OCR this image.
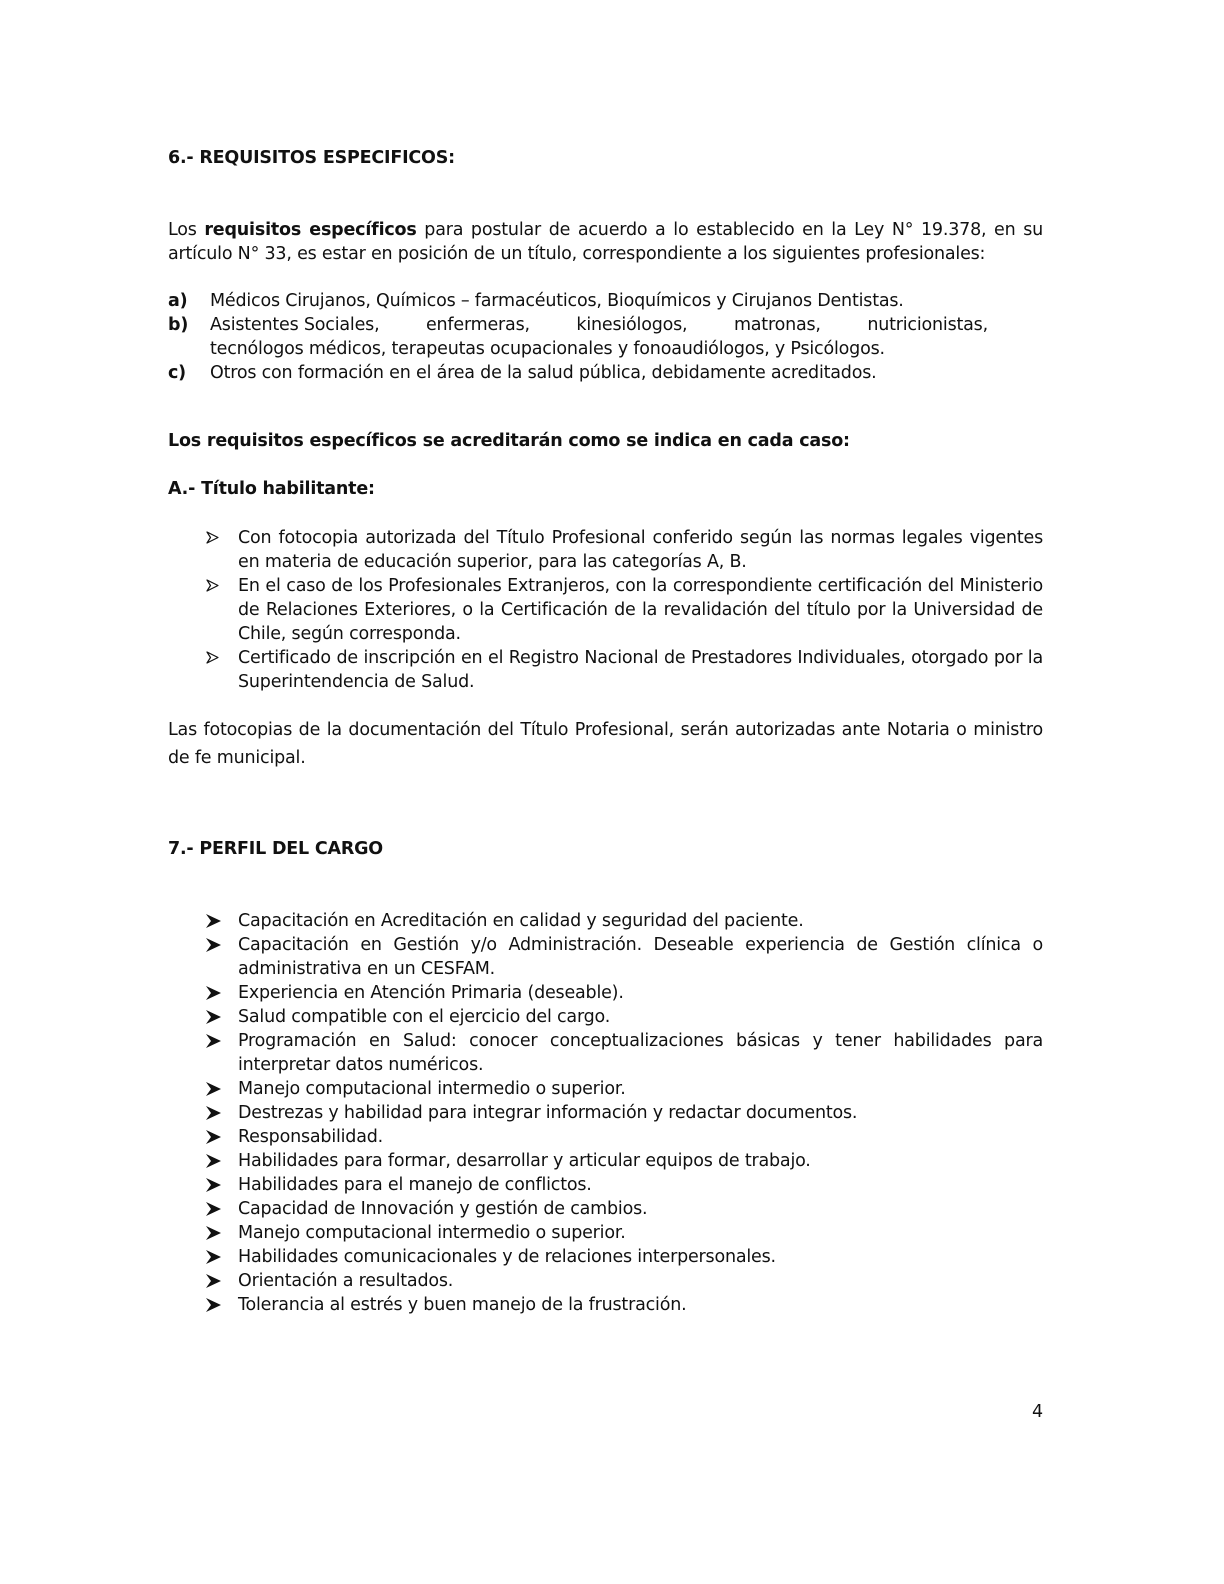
6.- REQUISITOS ESPECIFICOS:
Los requisitos específicos para postular de acuerdo a lo establecido en la Ley N° 19.378, en su artículo N° 33, es estar en posición de un título, correspondiente a los siguientes profesionales:
a) Médicos Cirujanos, Químicos – farmacéuticos, Bioquímicos y Cirujanos Dentistas.
b) Asistentes Sociales,	enfermeras,	kinesiólogos,	matronas,	nutricionistas,
tecnólogos médicos, terapeutas ocupacionales y fonoaudiólogos, y Psicólogos.
c) Otros con formación en el área de la salud pública, debidamente acreditados.
Los requisitos específicos se acreditarán como se indica en cada caso:
A.- Título habilitante:
Con fotocopia autorizada del Título Profesional conferido según las normas legales vigentes en materia de educación superior, para las categorías A, B.
En el caso de los Profesionales Extranjeros, con la correspondiente certificación del Ministerio de Relaciones Exteriores, o la Certificación de la revalidación del título por la Universidad de Chile, según corresponda.
Certificado de inscripción en el Registro Nacional de Prestadores Individuales, otorgado por la Superintendencia de Salud.
Las fotocopias de la documentación del Título Profesional, serán autorizadas ante Notaria o ministro de fe municipal.
7.- PERFIL DEL CARGO
Capacitación en Acreditación en calidad y seguridad del paciente.
Capacitación en Gestión y/o Administración. Deseable experiencia de Gestión clínica o administrativa en un CESFAM.
Experiencia en Atención Primaria (deseable).
Salud compatible con el ejercicio del cargo.
Programación en Salud: conocer conceptualizaciones básicas y tener habilidades para interpretar datos numéricos.
Manejo computacional intermedio o superior.
Destrezas y habilidad para integrar información y redactar documentos.
Responsabilidad.
Habilidades para formar, desarrollar y articular equipos de trabajo.
Habilidades para el manejo de conflictos.
Capacidad de Innovación y gestión de cambios.
Manejo computacional intermedio o superior.
Habilidades comunicacionales y de relaciones interpersonales.
Orientación a resultados.
Tolerancia al estrés y buen manejo de la frustración.
4
